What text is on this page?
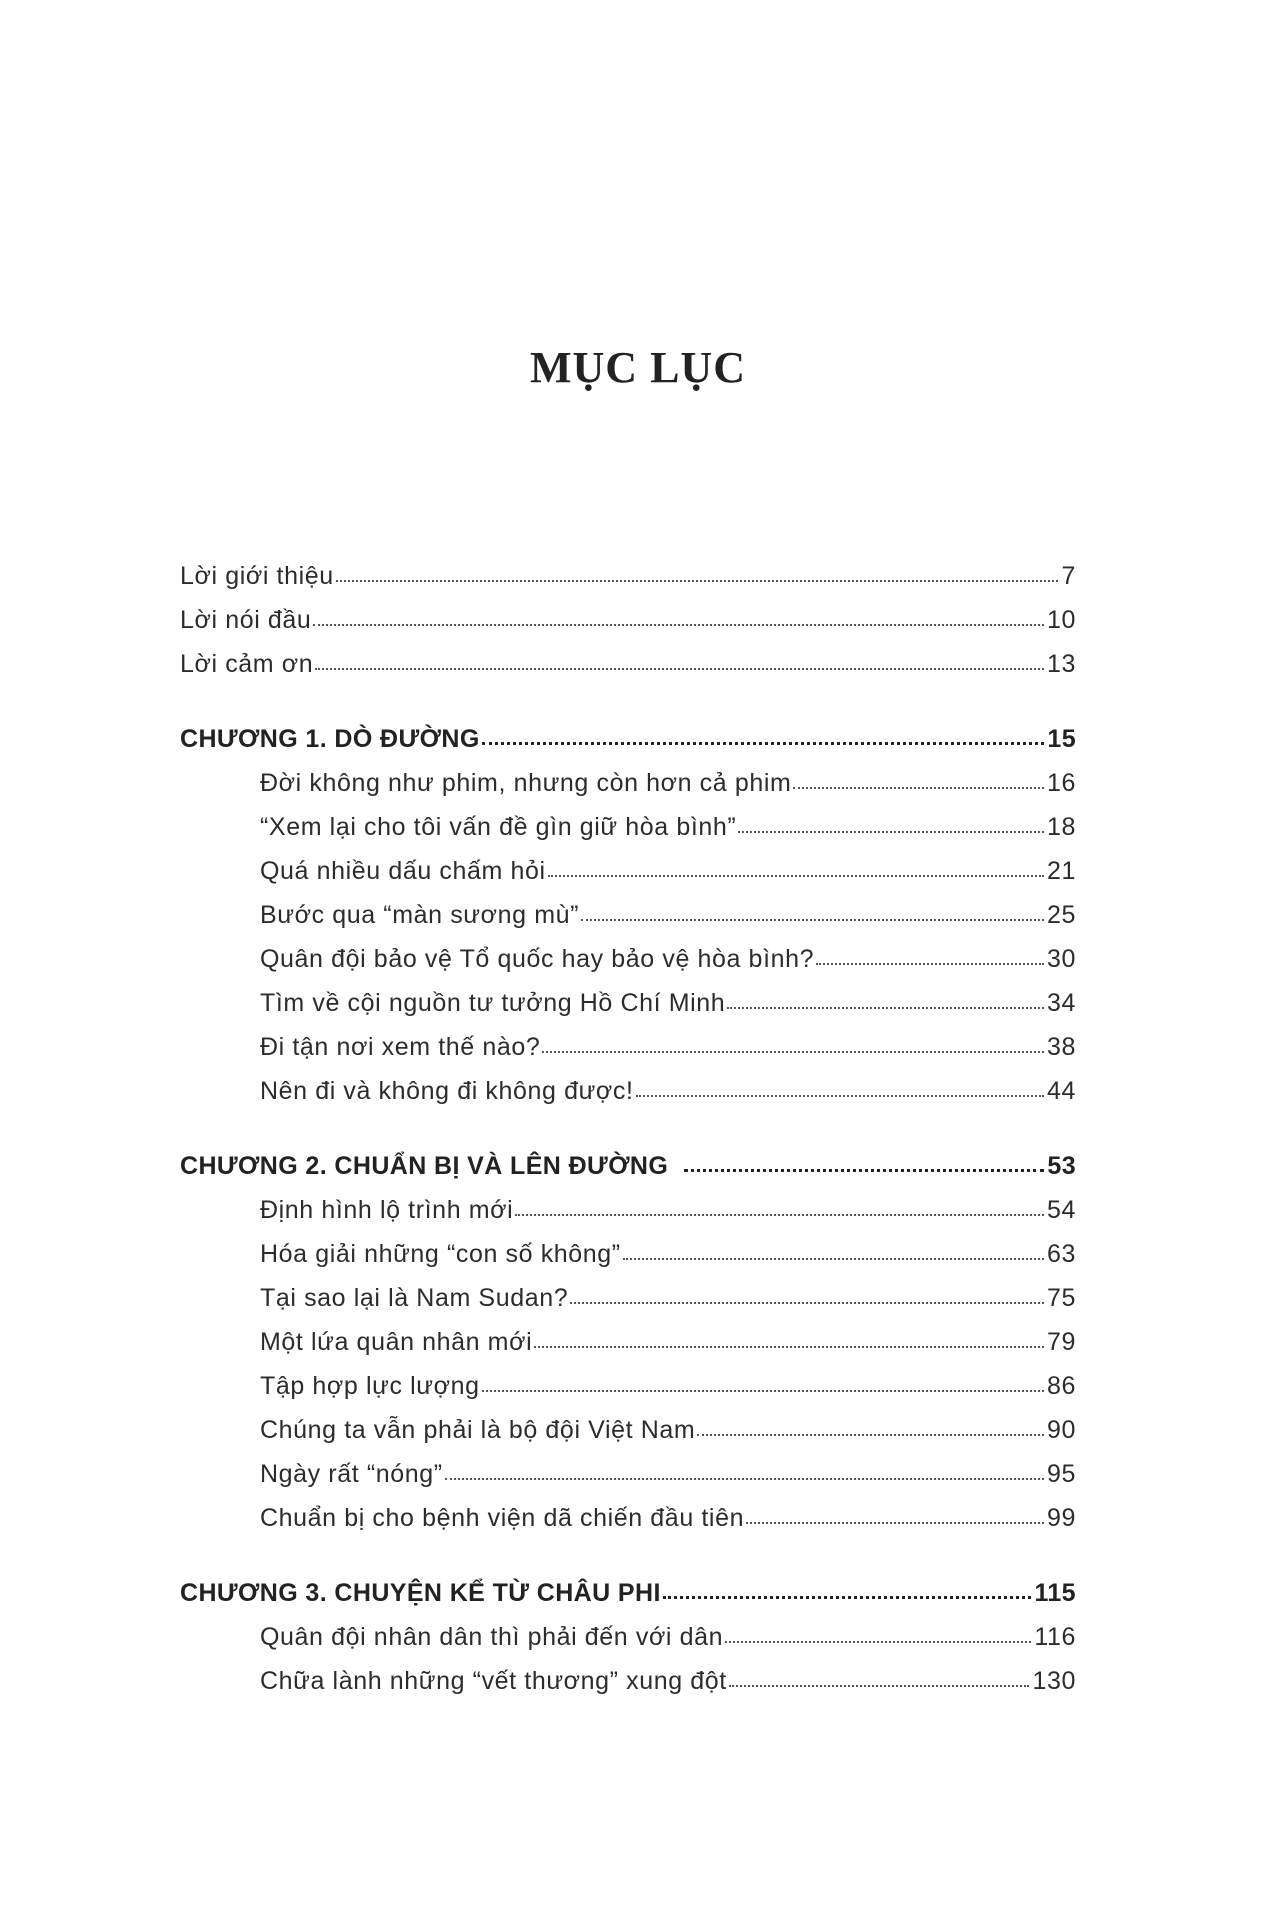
MỤC LỤC
Lời giới thiệu	7
Lời nói đầu	10
Lời cảm ơn	13
CHƯƠNG 1. DÒ ĐƯỜNG	15
Đời không như phim, nhưng còn hơn cả phim	16
“Xem lại cho tôi vấn đề gìn giữ hòa bình”	18
Quá nhiều dấu chấm hỏi	21
Bước qua “màn sương mù”	25
Quân đội bảo vệ Tổ quốc hay bảo vệ hòa bình?	30
Tìm về cội nguồn tư tưởng Hồ Chí Minh	34
Đi tận nơi xem thế nào?	38
Nên đi và không đi không được!	44
CHƯƠNG 2. CHUẨN BỊ VÀ LÊN ĐƯỜNG	53
Định hình lộ trình mới	54
Hóa giải những “con số không”	63
Tại sao lại là Nam Sudan?	75
Một lứa quân nhân mới	79
Tập hợp lực lượng	86
Chúng ta vẫn phải là bộ đội Việt Nam	90
Ngày rất “nóng”	95
Chuẩn bị cho bệnh viện dã chiến đầu tiên	99
CHƯƠNG 3. CHUYỆN KỂ TỪ CHÂU PHI	115
Quân đội nhân dân thì phải đến với dân	116
Chữa lành những “vết thương” xung đột	130
